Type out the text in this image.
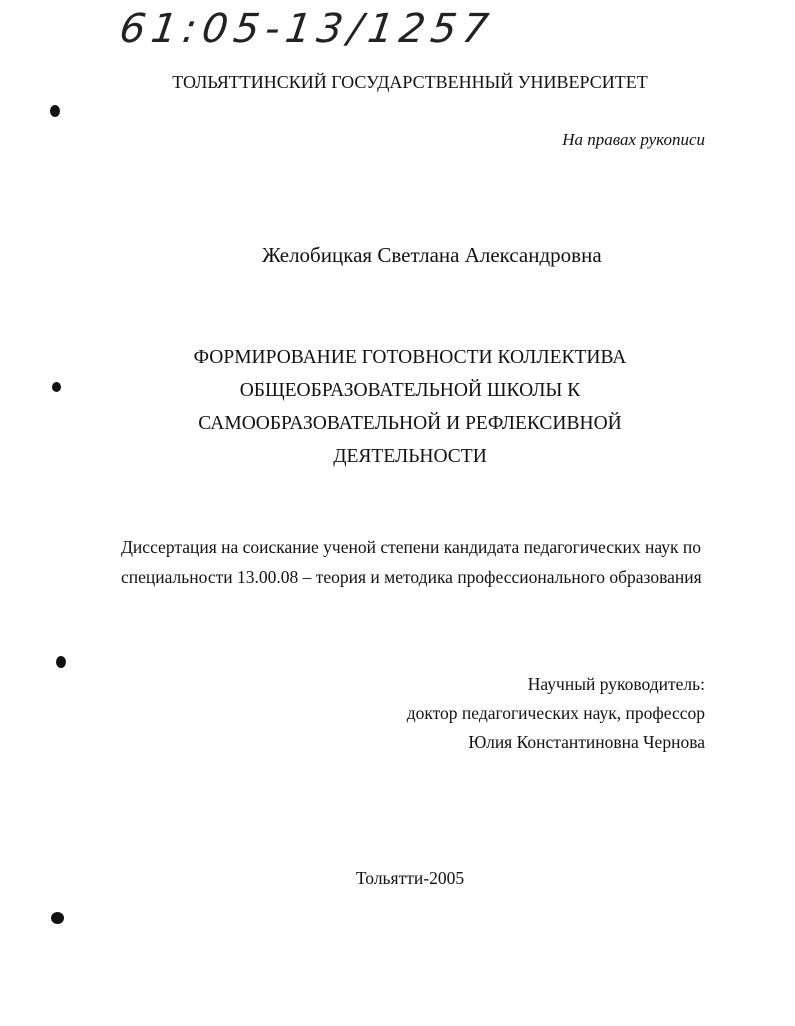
61:05-13/1257
ТОЛЬЯТТИНСКИЙ ГОСУДАРСТВЕННЫЙ УНИВЕРСИТЕТ
На правах рукописи
Желобицкая Светлана Александровна
ФОРМИРОВАНИЕ ГОТОВНОСТИ КОЛЛЕКТИВА
ОБЩЕОБРАЗОВАТЕЛЬНОЙ ШКОЛЫ К
САМООБРАЗОВАТЕЛЬНОЙ И РЕФЛЕКСИВНОЙ
ДЕЯТЕЛЬНОСТИ
Диссертация на соискание ученой степени кандидата педагогических наук по
специальности 13.00.08 – теория и методика профессионального образования
Научный руководитель:
доктор педагогических наук, профессор
Юлия Константиновна Чернова
Тольятти-2005
